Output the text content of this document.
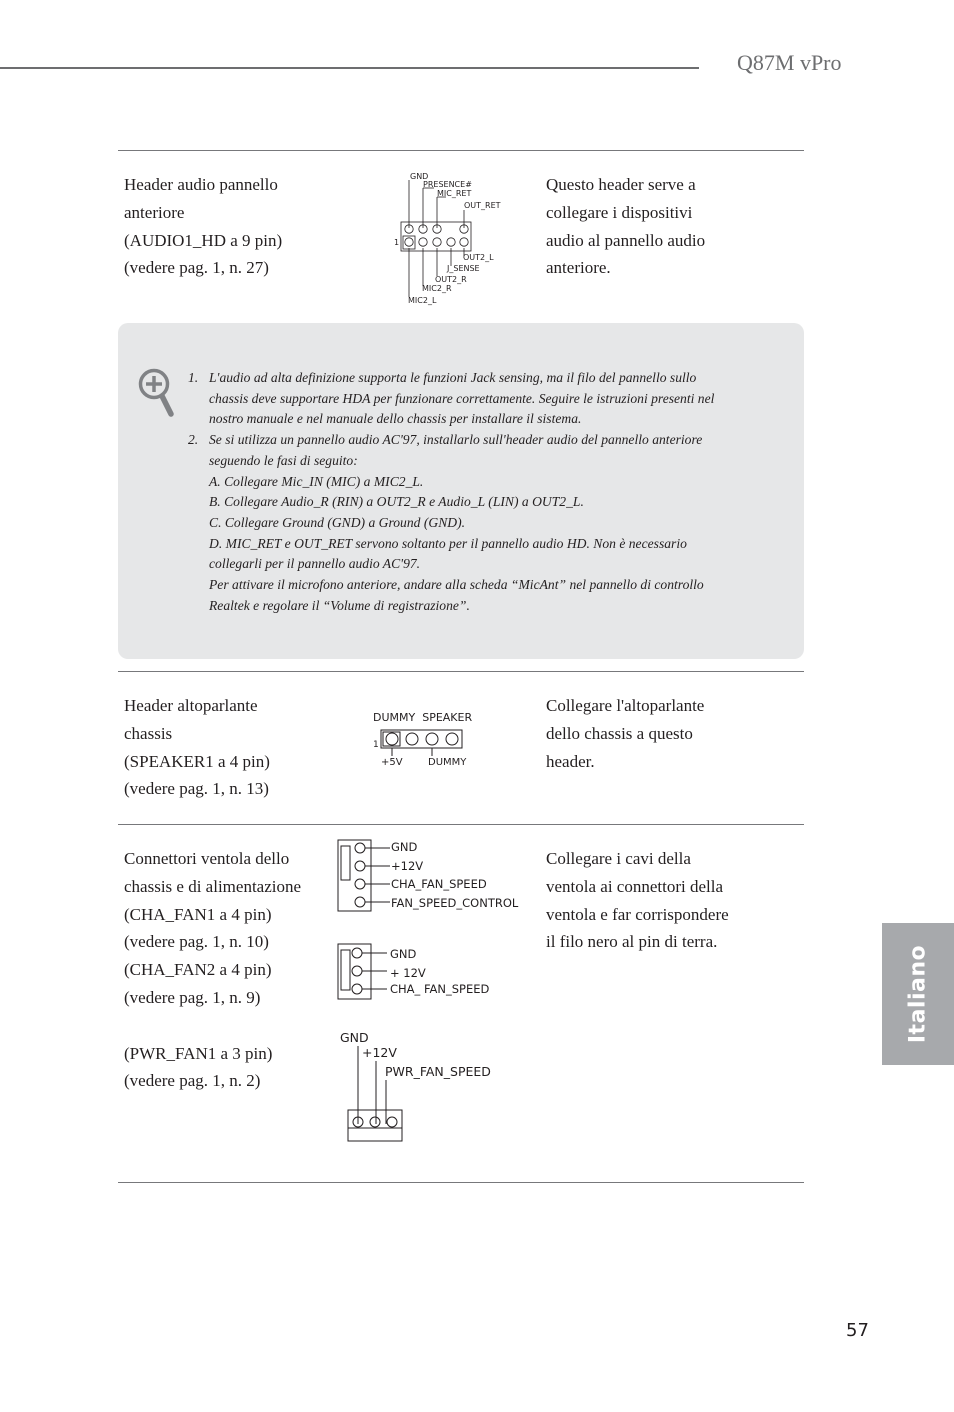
Q87M vPro
Header audio pannello
anteriore
(AUDIO1_HD a 9 pin)
(vedere pag. 1, n. 27)
Questo header serve a
collegare i dispositivi
audio al pannello audio
anteriore.
1
GND
PRESENCE#
MIC_RET
OUT_RET
OUT2_L
J_SENSE
OUT2_R
MIC2_R
MIC2_L
1. L'audio ad alta definizione supporta le funzioni Jack sensing, ma il filo del pannello sullo
chassis deve supportare HDA per funzionare correttamente. Seguire le istruzioni presenti nel
nostro manuale e nel manuale dello chassis per installare il sistema.
2. Se si utilizza un pannello audio AC'97, installarlo sull'header audio del pannello anteriore
seguendo le fasi di seguito:
A. Collegare Mic_IN (MIC) a MIC2_L.
B. Collegare Audio_R (RIN) a OUT2_R e Audio_L (LIN) a OUT2_L.
C. Collegare Ground (GND) a Ground (GND).
D. MIC_RET e OUT_RET servono soltanto per il pannello audio HD. Non è necessario
collegarli per il pannello audio AC'97.
Per attivare il microfono anteriore, andare alla scheda “MicAnt” nel pannello di controllo
Realtek e regolare il “Volume di registrazione”.
Header altoparlante
chassis
(SPEAKER1 a 4 pin)
(vedere pag. 1, n. 13)
Collegare l'altoparlante
dello chassis a questo
header.
DUMMY  SPEAKER
1
+5V	DUMMY
Connettori ventola dello
chassis e di alimentazione
(CHA_FAN1 a 4 pin)
(vedere pag. 1, n. 10)
(CHA_FAN2 a 4 pin)
(vedere pag. 1, n. 9)
(PWR_FAN1 a 3 pin)
(vedere pag. 1, n. 2)
Collegare i cavi della
ventola ai connettori della
ventola e far corrispondere
il filo nero al pin di terra.
GND
+12V
CHA_FAN_SPEED
FAN_SPEED_CONTROL
GND
+ 12V
CHA_ FAN_SPEED
GND
+12V
PWR_FAN_SPEED
Italiano
57
